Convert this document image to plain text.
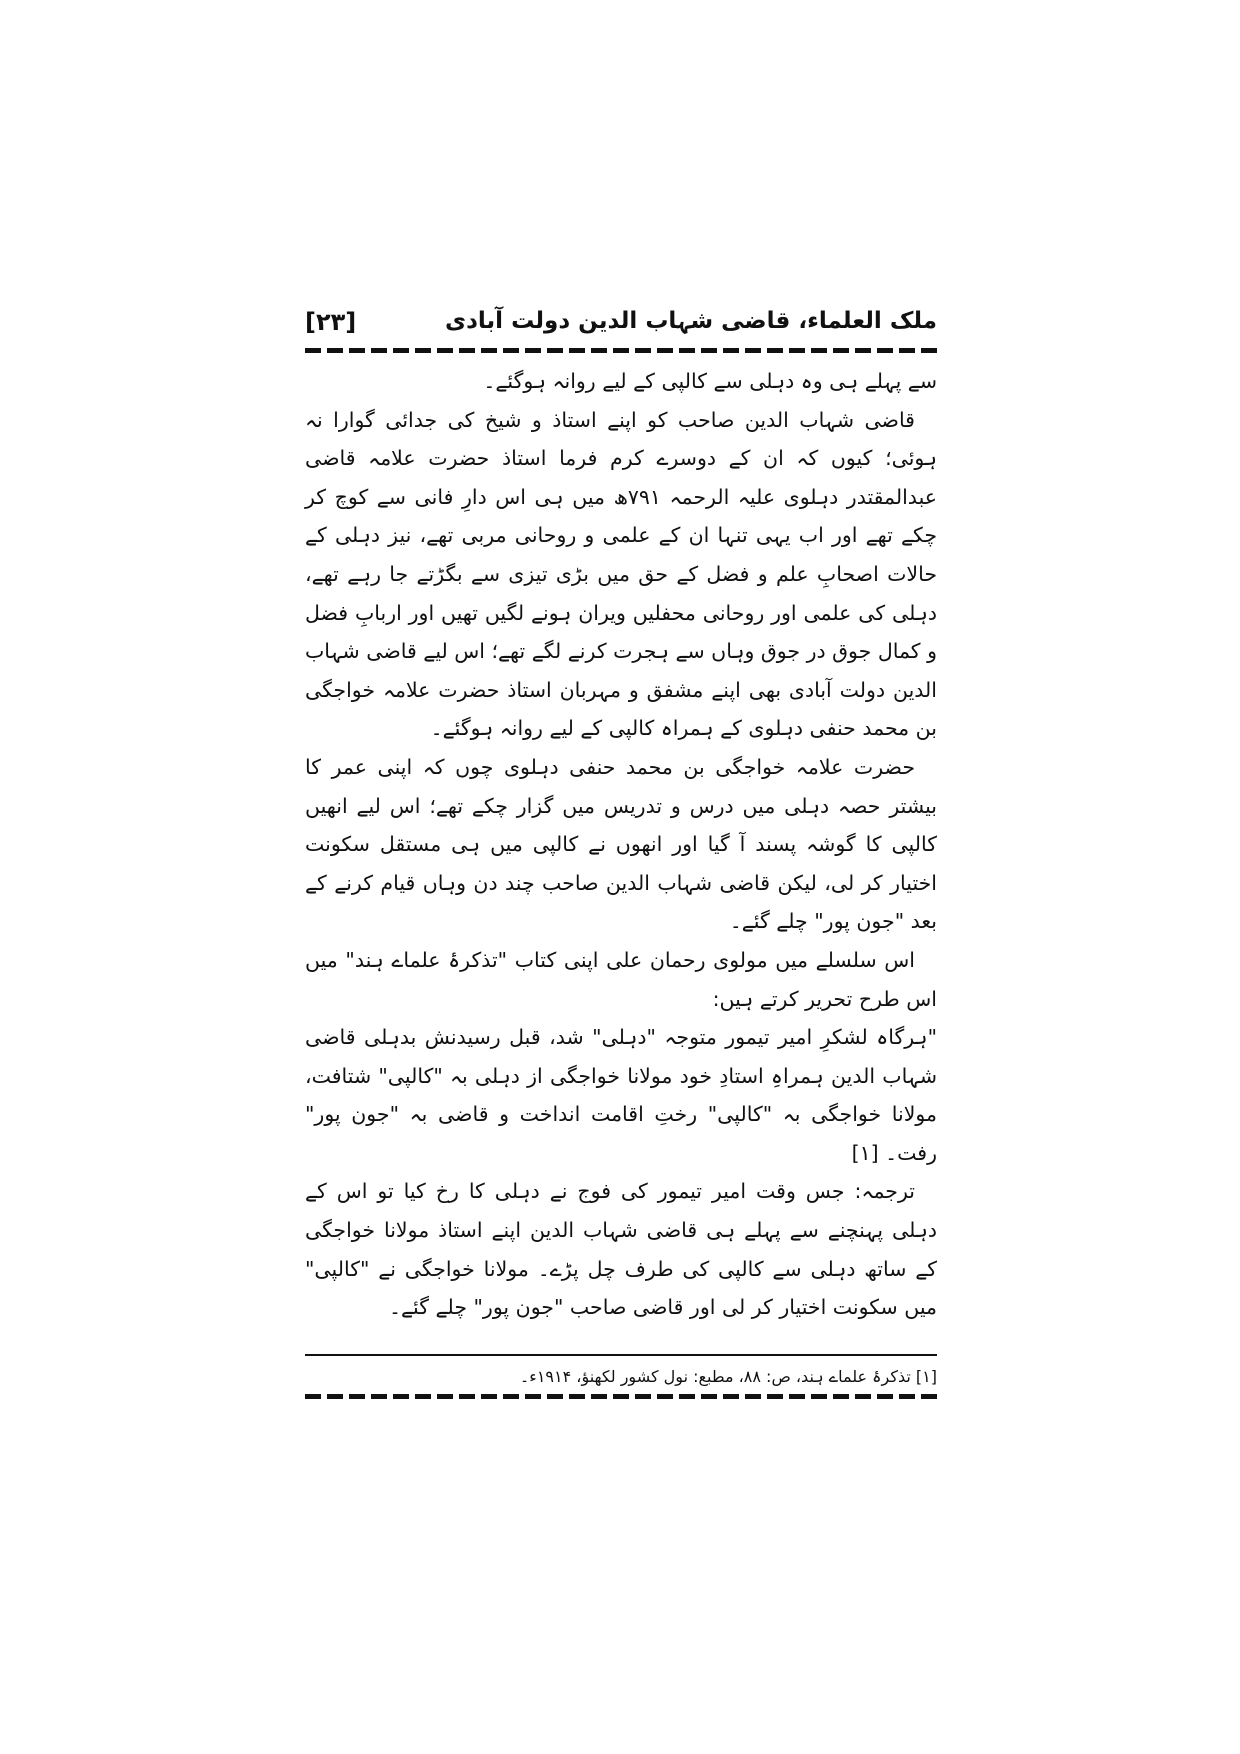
ملک العلماء، قاضی شہاب الدین دولت آبادی
[۲۳]

سے پہلے ہی وہ دہلی سے کالپی کے لیے روانہ ہوگئے۔

قاضی شہاب الدین صاحب کو اپنے استاذ و شیخ کی جدائی گوارا نہ ہوئی؛ کیوں کہ ان کے دوسرے کرم فرما استاذ حضرت علامہ قاضی عبدالمقتدر دہلوی علیہ الرحمہ ۷۹۱ھ میں ہی اس دارِ فانی سے کوچ کر چکے تھے اور اب یہی تنہا ان کے علمی و روحانی مربی تھے، نیز دہلی کے حالات اصحابِ علم و فضل کے حق میں بڑی تیزی سے بگڑتے جا رہے تھے، دہلی کی علمی اور روحانی محفلیں ویران ہونے لگیں تھیں اور اربابِ فضل و کمال جوق در جوق وہاں سے ہجرت کرنے لگے تھے؛ اس لیے قاضی شہاب الدین دولت آبادی بھی اپنے مشفق و مہربان استاذ حضرت علامہ خواجگی بن محمد حنفی دہلوی کے ہمراہ کالپی کے لیے روانہ ہوگئے۔

حضرت علامہ خواجگی بن محمد حنفی دہلوی چوں کہ اپنی عمر کا بیشتر حصہ دہلی میں درس و تدریس میں گزار چکے تھے؛ اس لیے انھیں کالپی کا گوشہ پسند آ گیا اور انھوں نے کالپی میں ہی مستقل سکونت اختیار کر لی، لیکن قاضی شہاب الدین صاحب چند دن وہاں قیام کرنے کے بعد "جون پور" چلے گئے۔

اس سلسلے میں مولوی رحمان علی اپنی کتاب "تذکرۂ علماے ہند" میں اس طرح تحریر کرتے ہیں:

"ہرگاہ لشکرِ امیر تیمور متوجہ "دہلی" شد، قبل رسیدنش بدہلی قاضی شہاب الدین ہمراہِ استادِ خود مولانا خواجگی از دہلی بہ "کالپی" شتافت، مولانا خواجگی بہ "کالپی" رختِ اقامت انداخت و قاضی بہ "جون پور" رفت۔ [۱]

ترجمہ: جس وقت امیر تیمور کی فوج نے دہلی کا رخ کیا تو اس کے دہلی پہنچنے سے پہلے ہی قاضی شہاب الدین اپنے استاذ مولانا خواجگی کے ساتھ دہلی سے کالپی کی طرف چل پڑے۔ مولانا خواجگی نے "کالپی" میں سکونت اختیار کر لی اور قاضی صاحب "جون پور" چلے گئے۔

[۱] تذکرۂ علماے ہند، ص: ۸۸، مطبع: نول کشور لکھنؤ، ۱۹۱۴ء۔
